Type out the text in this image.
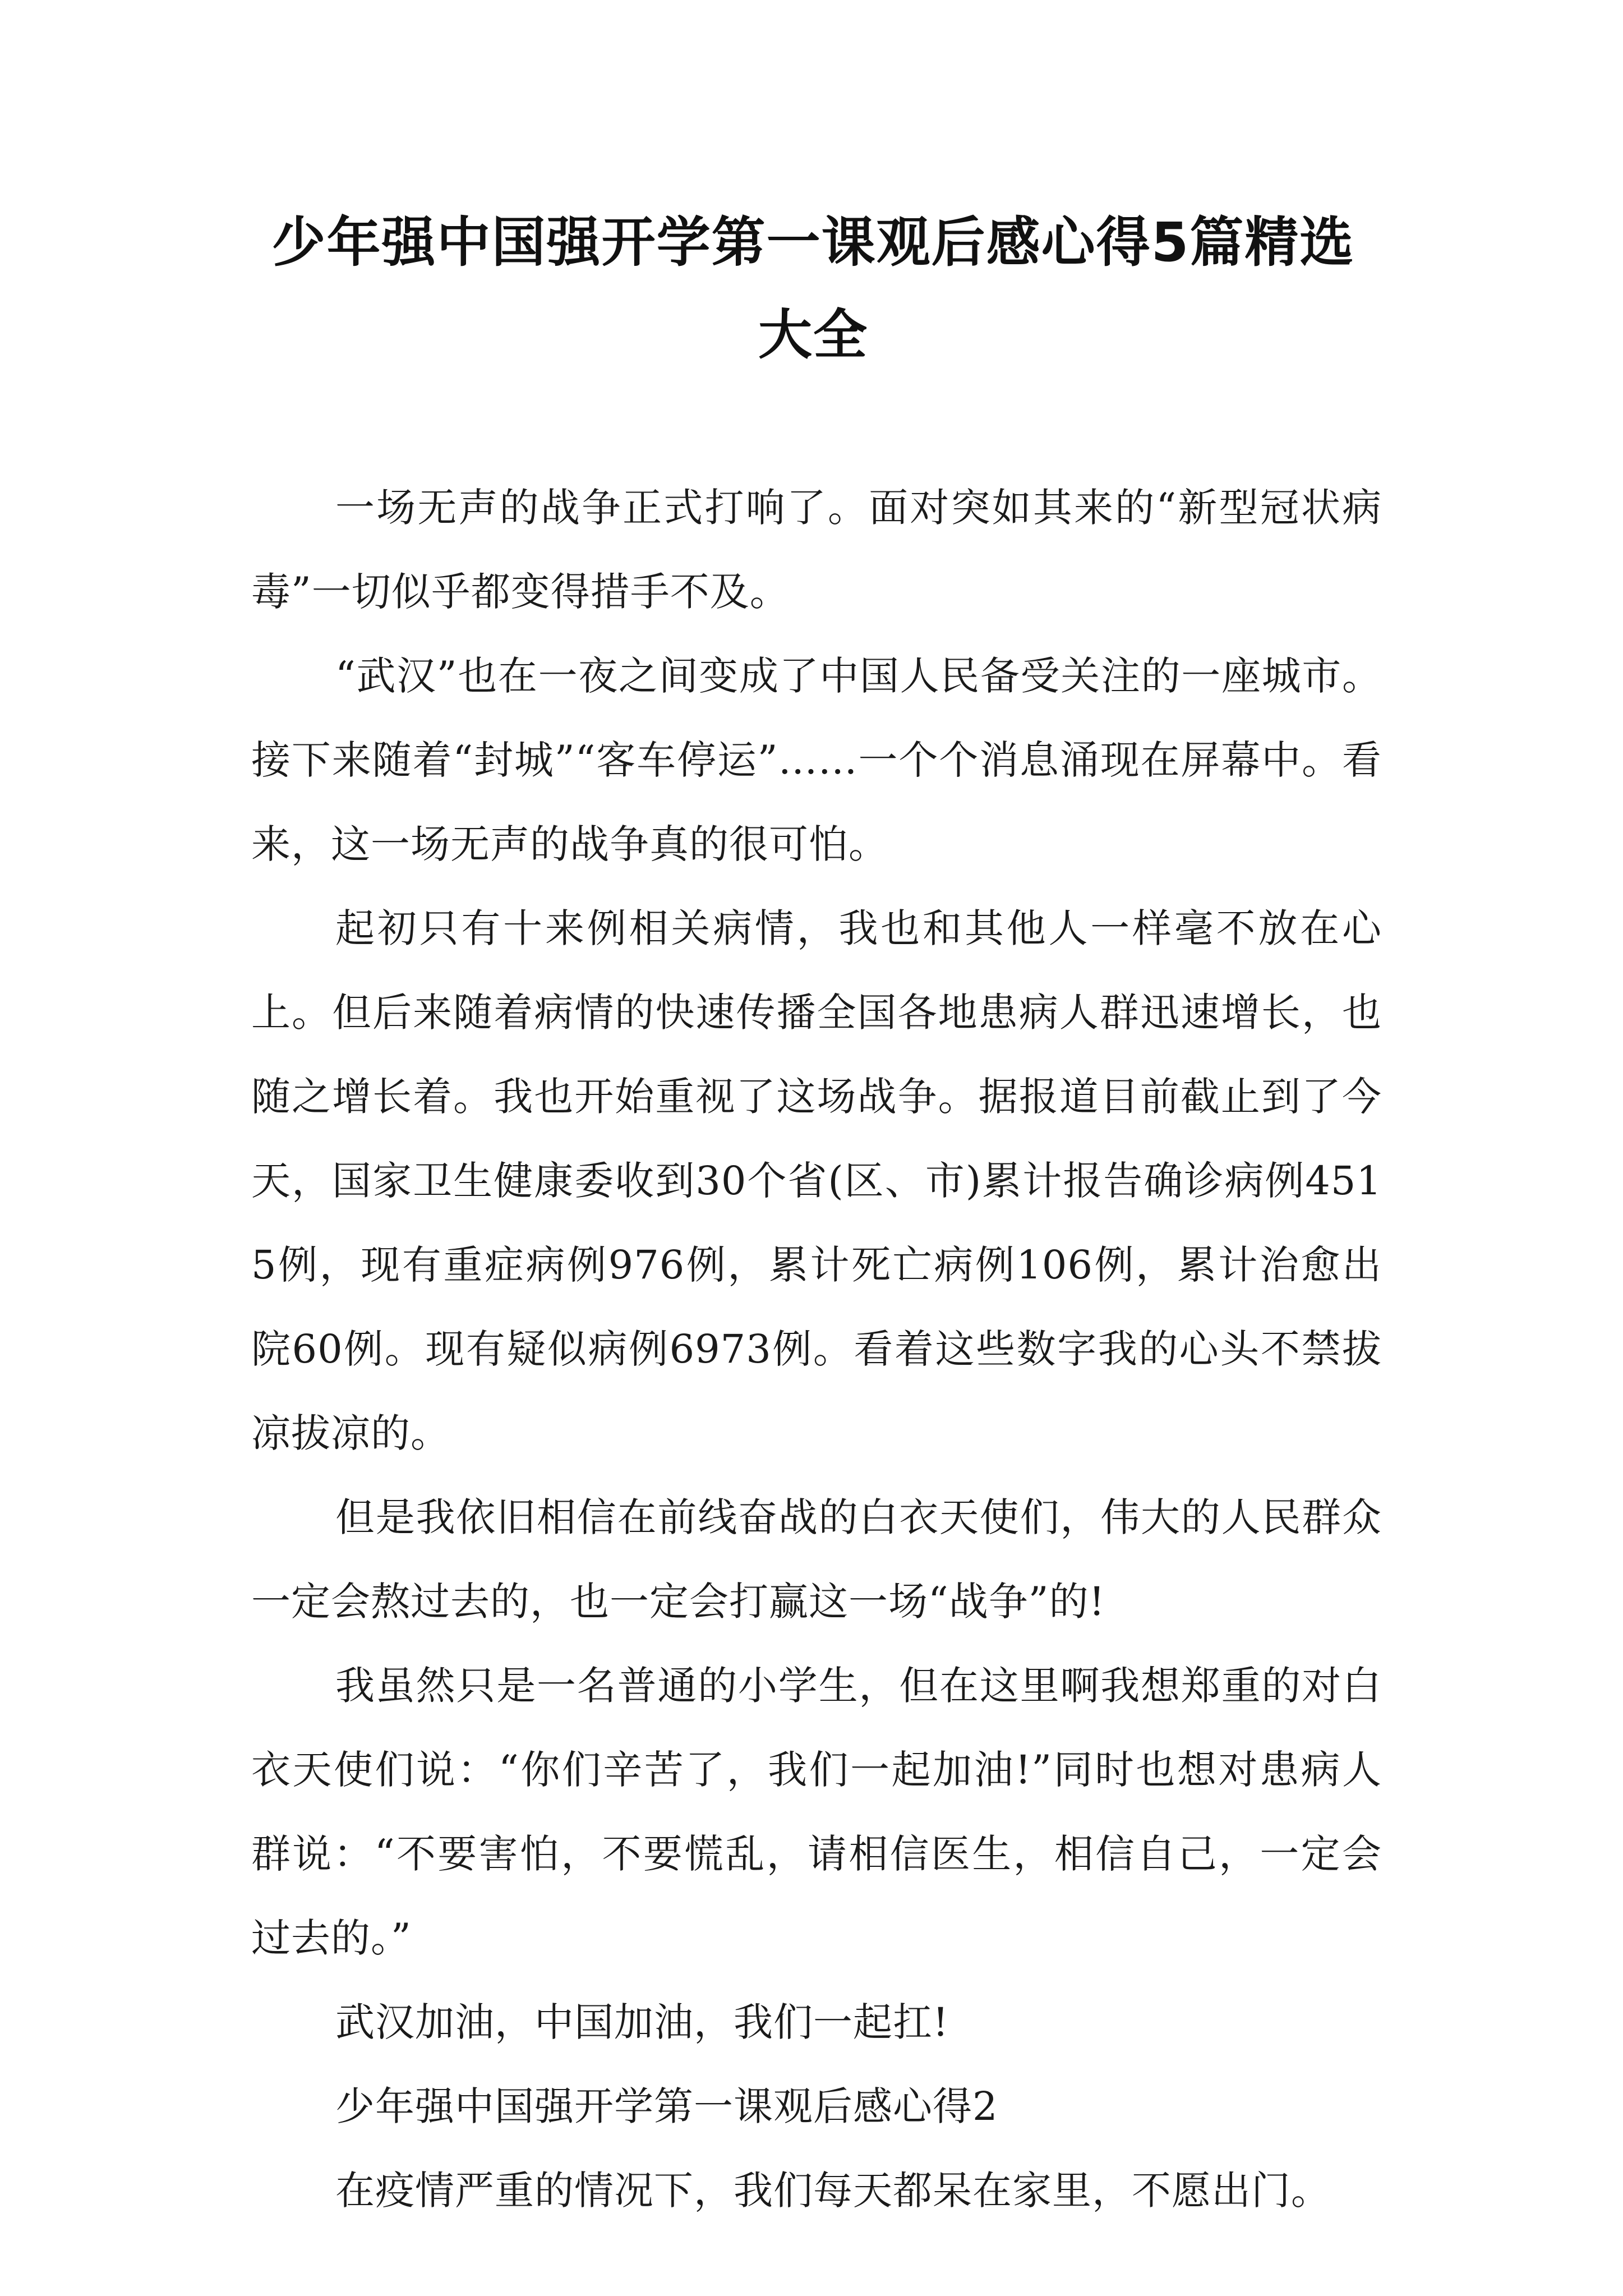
少年强中国强开学第一课观后感心得5篇精选大全

一场无声的战争正式打响了。面对突如其来的“新型冠状病毒”一切似乎都变得措手不及。

“武汉”也在一夜之间变成了中国人民备受关注的一座城市。接下来随着“封城”“客车停运”……一个个消息涌现在屏幕中。看来，这一场无声的战争真的很可怕。

起初只有十来例相关病情，我也和其他人一样毫不放在心上。但后来随着病情的快速传播全国各地患病人群迅速增长，也随之增长着。我也开始重视了这场战争。据报道目前截止到了今天，国家卫生健康委收到30个省(区、市)累计报告确诊病例4515例，现有重症病例976例，累计死亡病例106例，累计治愈出院60例。现有疑似病例6973例。看着这些数字我的心头不禁拔凉拔凉的。

但是我依旧相信在前线奋战的白衣天使们，伟大的人民群众一定会熬过去的，也一定会打赢这一场“战争”的!

我虽然只是一名普通的小学生，但在这里啊我想郑重的对白衣天使们说：“你们辛苦了，我们一起加油!”同时也想对患病人群说：“不要害怕，不要慌乱，请相信医生，相信自己，一定会过去的。”

武汉加油，中国加油，我们一起扛!

少年强中国强开学第一课观后感心得2

在疫情严重的情况下，我们每天都呆在家里，不愿出门。
